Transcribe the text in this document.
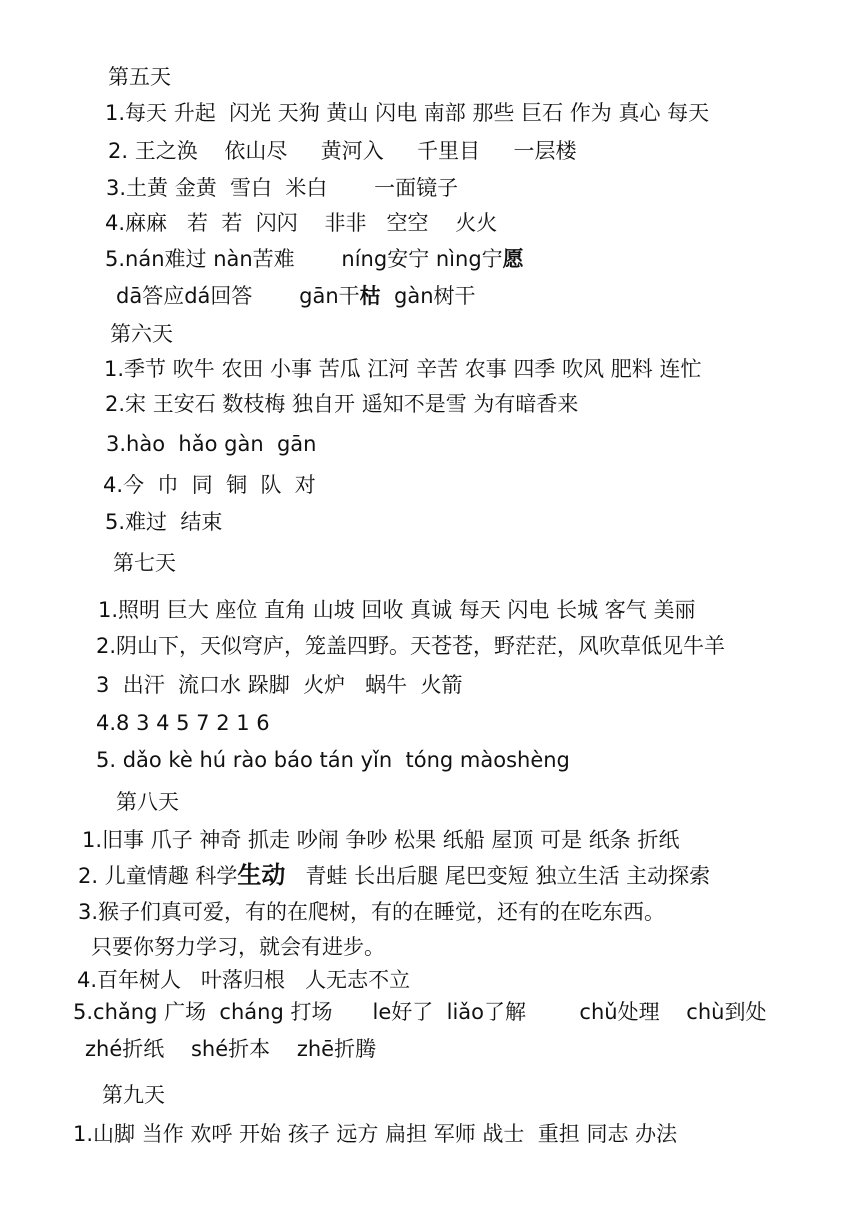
第五天

1.每天 升起  闪光 天狗 黄山 闪电 南部 那些 巨石 作为 真心 每天

2. 王之涣    依山尽     黄河入     千里目     一层楼

3.土黄 金黄  雪白  米白       一面镜子

4.麻麻   若  若  闪闪    非非   空空    火火

5.nán难过 nàn苦难       níng安宁 nìng宁愿

dā答应dá回答       gān干枯  gàn树干

第六天

1.季节 吹牛 农田 小事 苦瓜 江河 辛苦 农事 四季 吹风 肥料 连忙

2.宋 王安石 数枝梅 独自开 遥知不是雪 为有暗香来

3.hào  hǎo gàn  gān

4.今  巾  同  铜  队  对

5.难过  结束

第七天

1.照明 巨大 座位 直角 山坡 回收 真诚 每天 闪电 长城 客气 美丽

2.阴山下，天似穹庐，笼盖四野。天苍苍，野茫茫，风吹草低见牛羊

3  出汗  流口水 跺脚  火炉   蜗牛  火箭

4.8 3 4 5 7 2 1 6

5. dǎo kè hú rào báo tán yǐn  tóng màoshèng

第八天

1.旧事 爪子 神奇 抓走 吵闹 争吵 松果 纸船 屋顶 可是 纸条 折纸

2. 儿童情趣 科学生动   青蛙 长出后腿 尾巴变短 独立生活 主动探索

3.猴子们真可爱，有的在爬树，有的在睡觉，还有的在吃东西。

只要你努力学习，就会有进步。

4.百年树人   叶落归根   人无志不立

5.chǎng 广场  cháng 打场      le好了  liǎo了解        chǔ处理    chù到处

zhé折纸    shé折本    zhē折腾

第九天

1.山脚 当作 欢呼 开始 孩子 远方 扁担 军师 战士  重担 同志 办法
